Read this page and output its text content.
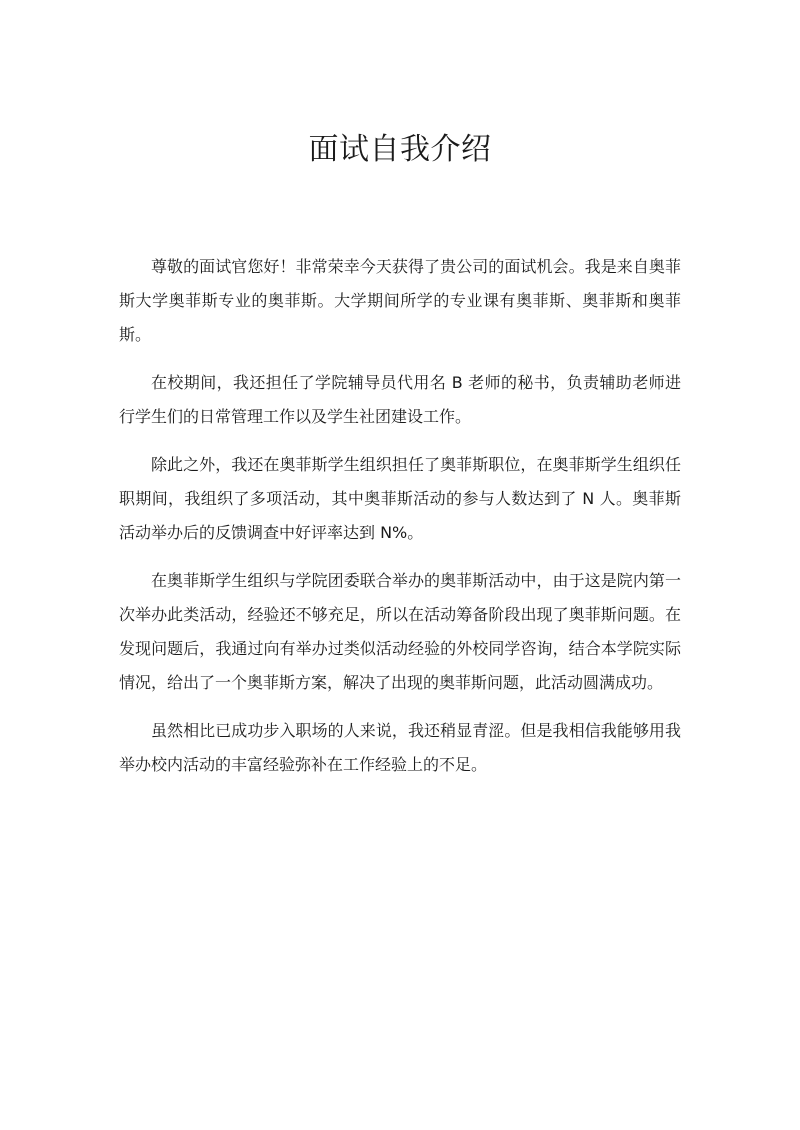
面试自我介绍

尊敬的面试官您好！非常荣幸今天获得了贵公司的面试机会。我是来自奥菲斯大学奥菲斯专业的奥菲斯。大学期间所学的专业课有奥菲斯、奥菲斯和奥菲斯。

在校期间，我还担任了学院辅导员代用名 B 老师的秘书，负责辅助老师进行学生们的日常管理工作以及学生社团建设工作。

除此之外，我还在奥菲斯学生组织担任了奥菲斯职位，在奥菲斯学生组织任职期间，我组织了多项活动，其中奥菲斯活动的参与人数达到了 N 人。奥菲斯活动举办后的反馈调查中好评率达到 N%。

在奥菲斯学生组织与学院团委联合举办的奥菲斯活动中，由于这是院内第一次举办此类活动，经验还不够充足，所以在活动筹备阶段出现了奥菲斯问题。在发现问题后，我通过向有举办过类似活动经验的外校同学咨询，结合本学院实际情况，给出了一个奥菲斯方案，解决了出现的奥菲斯问题，此活动圆满成功。

虽然相比已成功步入职场的人来说，我还稍显青涩。但是我相信我能够用我举办校内活动的丰富经验弥补在工作经验上的不足。
